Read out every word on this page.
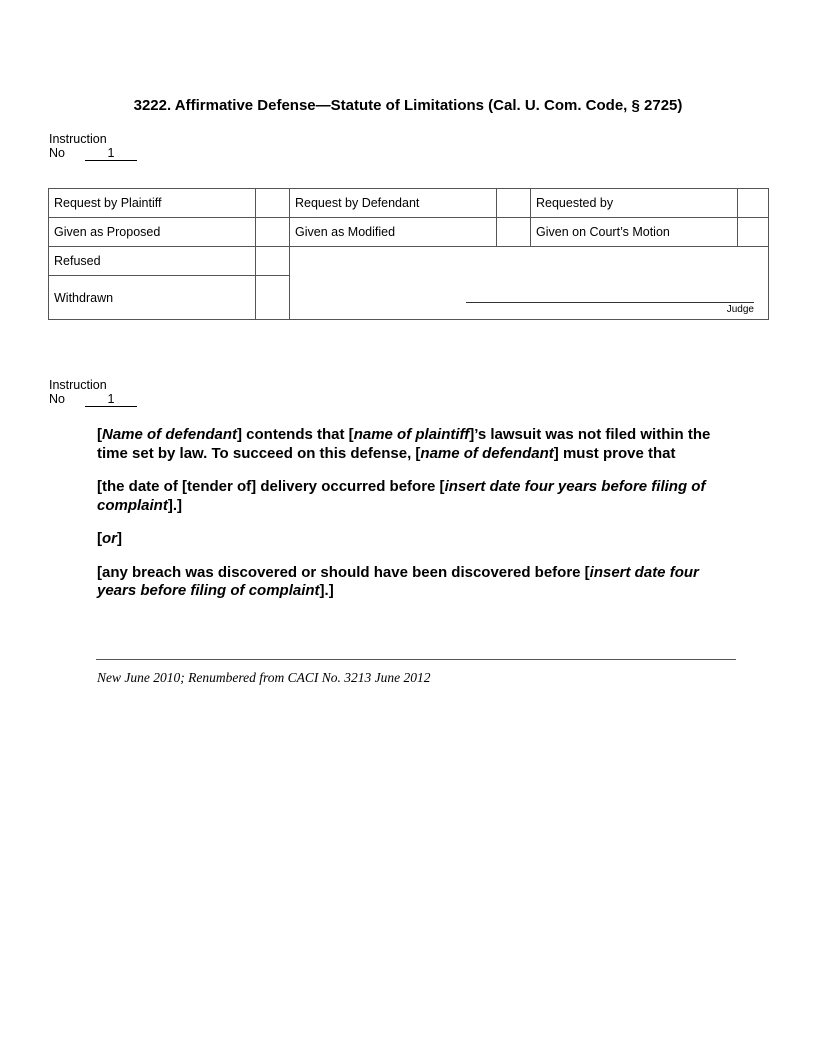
3222. Affirmative Defense—Statute of Limitations (Cal. U. Com. Code, § 2725)
Instruction
No	1
Request by Plaintiff		Request by Defendant		Requested by	
Given as Proposed		Given as Modified		Given on Court’s Motion	
Refused		Judge			

Withdrawn					
Instruction
No	1

[Name of defendant] contends that [name of plaintiff]’s lawsuit was not filed within the time set by law. To succeed on this defense, [name of defendant] must prove that

[the date of [tender of] delivery occurred before [insert date four years before filing of complaint].]

[or]

[any breach was discovered or should have been discovered before [insert date four years before filing of complaint].]

New June 2010; Renumbered from CACI No. 3213 June 2012
